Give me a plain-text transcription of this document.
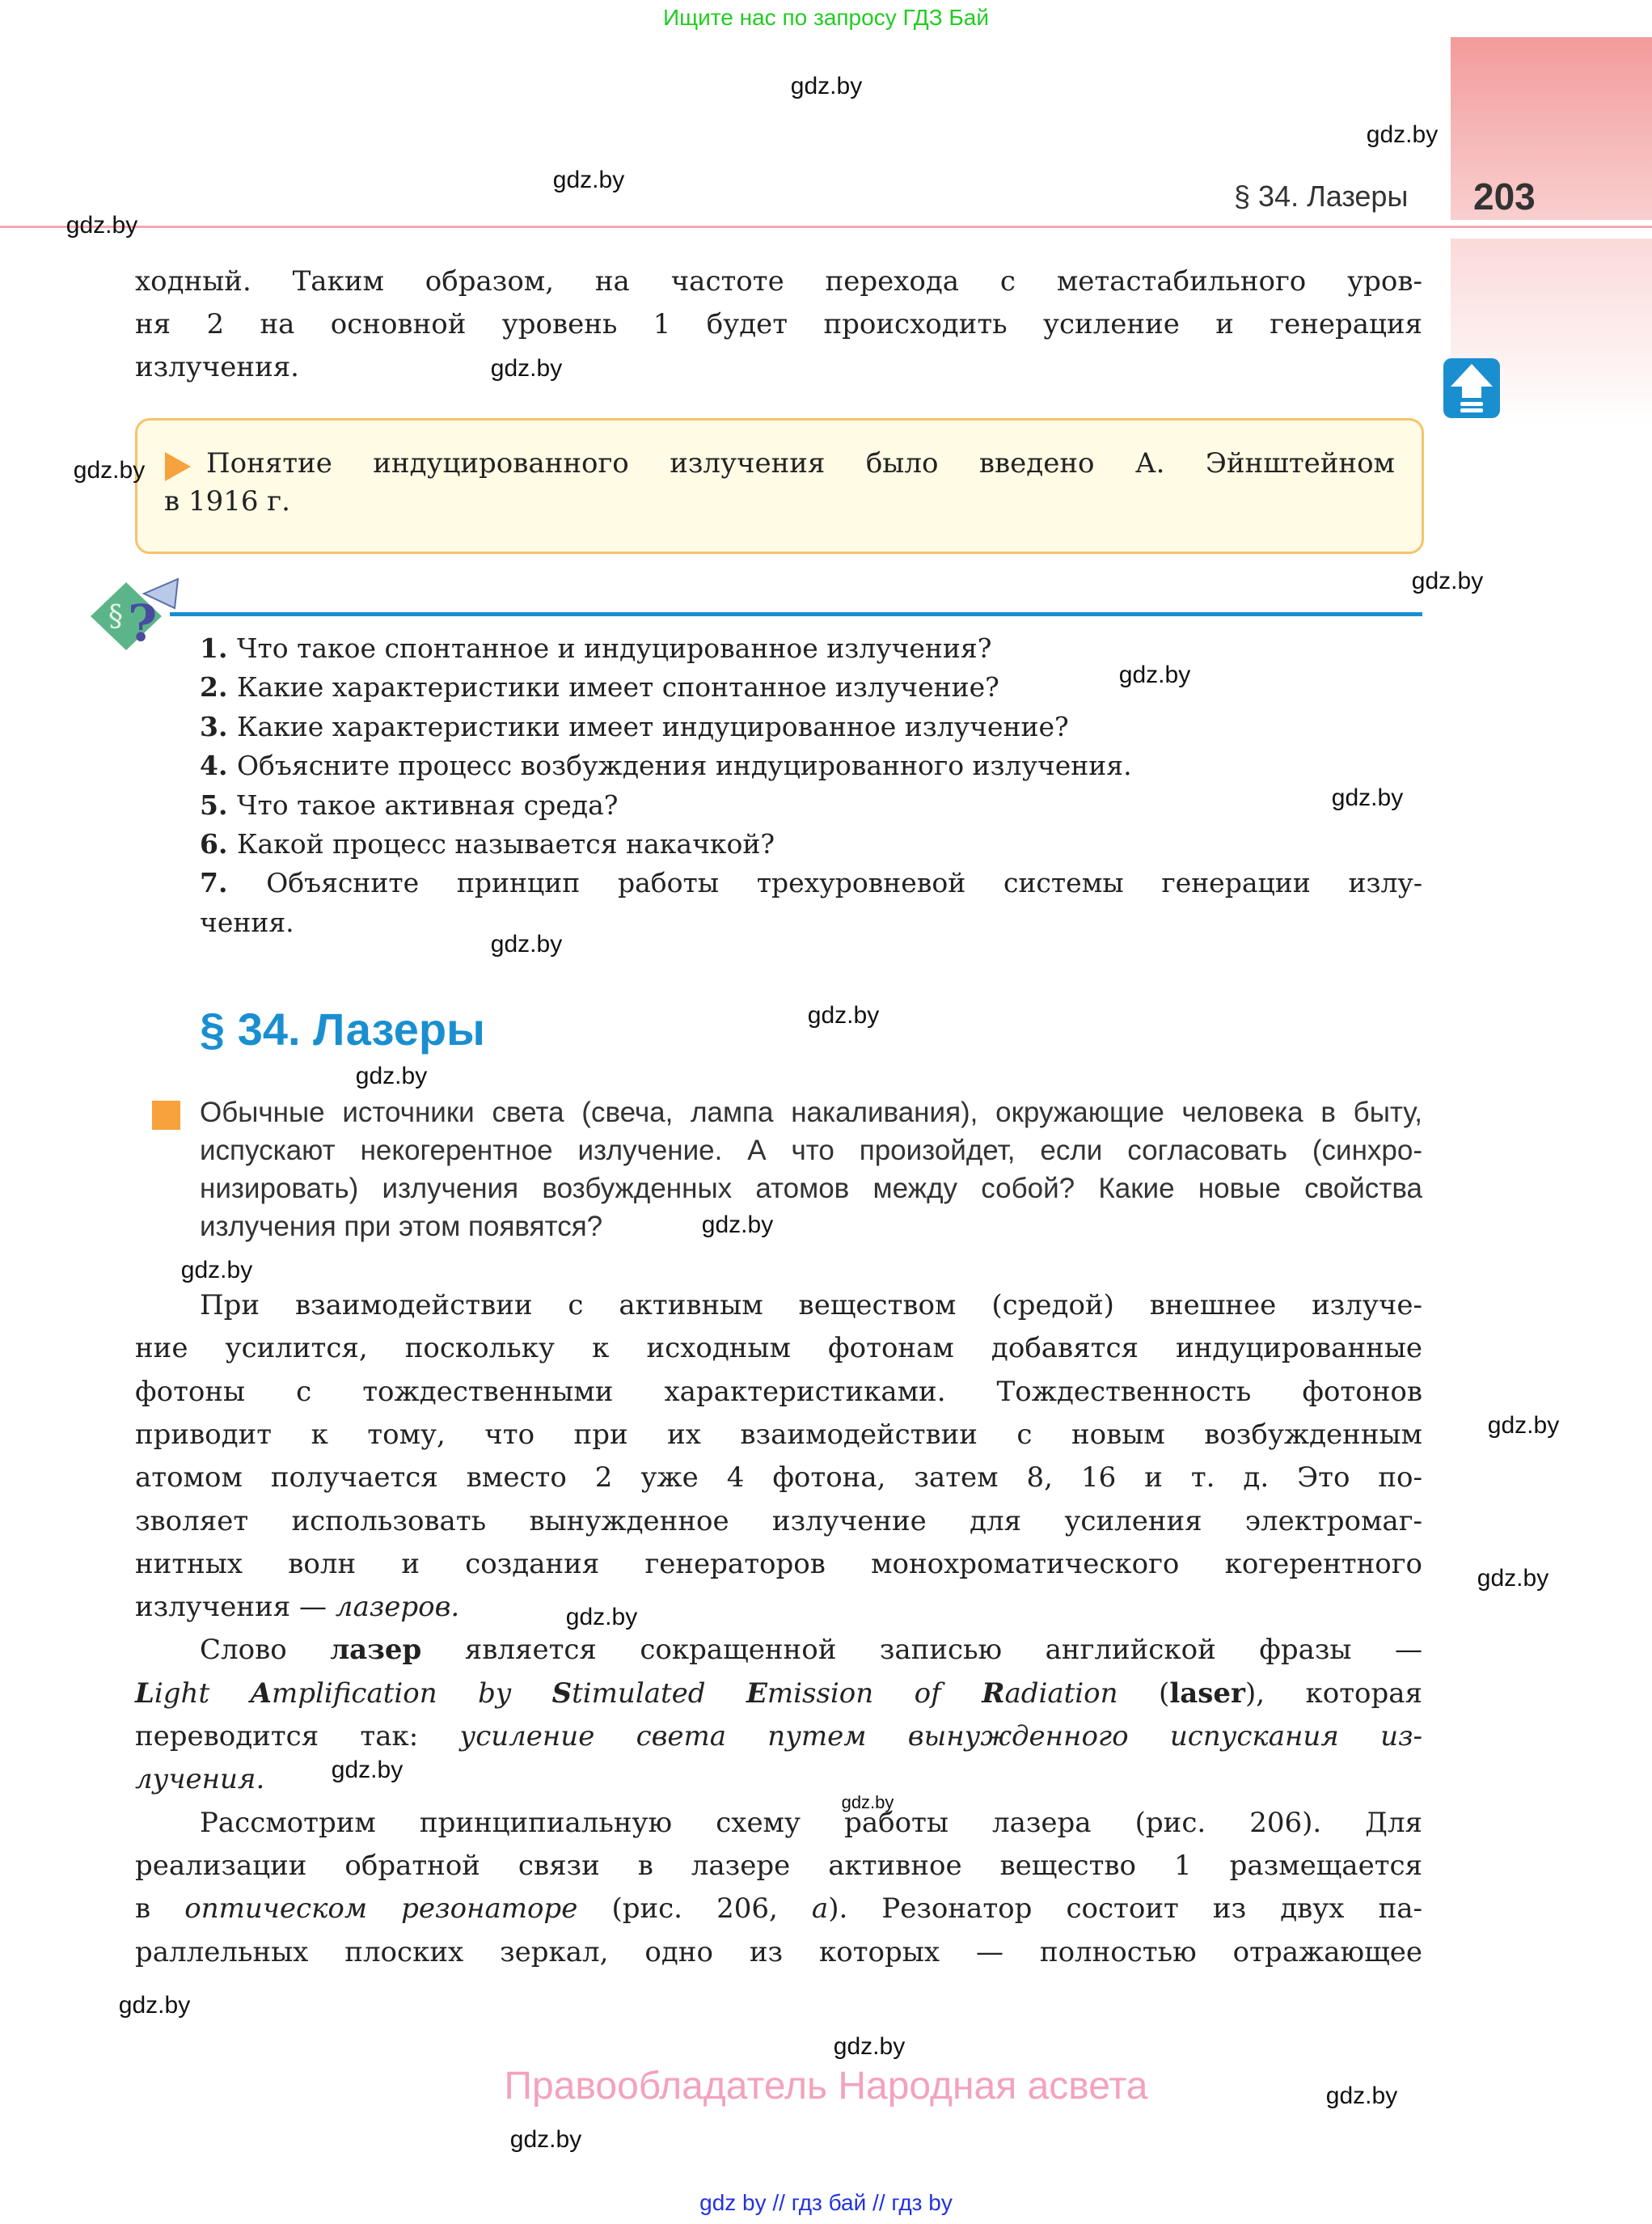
Ищите нас по запросу ГДЗ Бай
§ 34. Лазеры 203
ходный. Таким образом, на частоте перехода с метастабильного уров-
ня 2 на основной уровень 1 будет происходить усиление и генерация
излучения.
Понятие индуцированного излучения было введено А. Эйнштейном
в 1916 г.
§ ? 1. Что такое спонтанное и индуцированное излучения?
2. Какие характеристики имеет спонтанное излучение?
3. Какие характеристики имеет индуцированное излучение?
4. Объясните процесс возбуждения индуцированного излучения.
5. Что такое активная среда?
6. Какой процесс называется накачкой?
7. Объясните принцип работы трехуровневой системы генерации излу-
чения.
§ 34. Лазеры
Обычные источники света (свеча, лампа накаливания), окружающие человека в быту,
испускают некогерентное излучение. А что произойдет, если согласовать (синхро-
низировать) излучения возбужденных атомов между собой? Какие новые свойства
излучения при этом появятся?
При взаимодействии с активным веществом (средой) внешнее излуче-
ние усилится, поскольку к исходным фотонам добавятся индуцированные
фотоны с тождественными характеристиками. Тождественность фотонов
приводит к тому, что при их взаимодействии с новым возбужденным
атомом получается вместо 2 уже 4 фотона, затем 8, 16 и т. д. Это по-
зволяет использовать вынужденное излучение для усиления электромаг-
нитных волн и создания генераторов монохроматического когерентного
излучения — лазеров.
Слово лазер является сокращенной записью английской фразы —
Light Amplification by Stimulated Emission of Radiation (laser), которая
переводится так: усиление света путем вынужденного испускания из-
лучения.
Рассмотрим принципиальную схему работы лазера (рис. 206). Для
реализации обратной связи в лазере активное вещество 1 размещается
в оптическом резонаторе (рис. 206, а). Резонатор состоит из двух па-
раллельных плоских зеркал, одно из которых — полностью отражающее
Правообладатель Народная асвета
gdz by // гдз бай // гдз by
gdz.by
gdz.by
gdz.by
gdz.by
gdz.by
gdz.by
gdz.by
gdz.by
gdz.by
gdz.by
gdz.by
gdz.by
gdz.by
gdz.by
gdz.by
gdz.by
gdz.by
gdz.by
gdz.by
gdz.by
gdz.by
gdz.by
gdz.by
